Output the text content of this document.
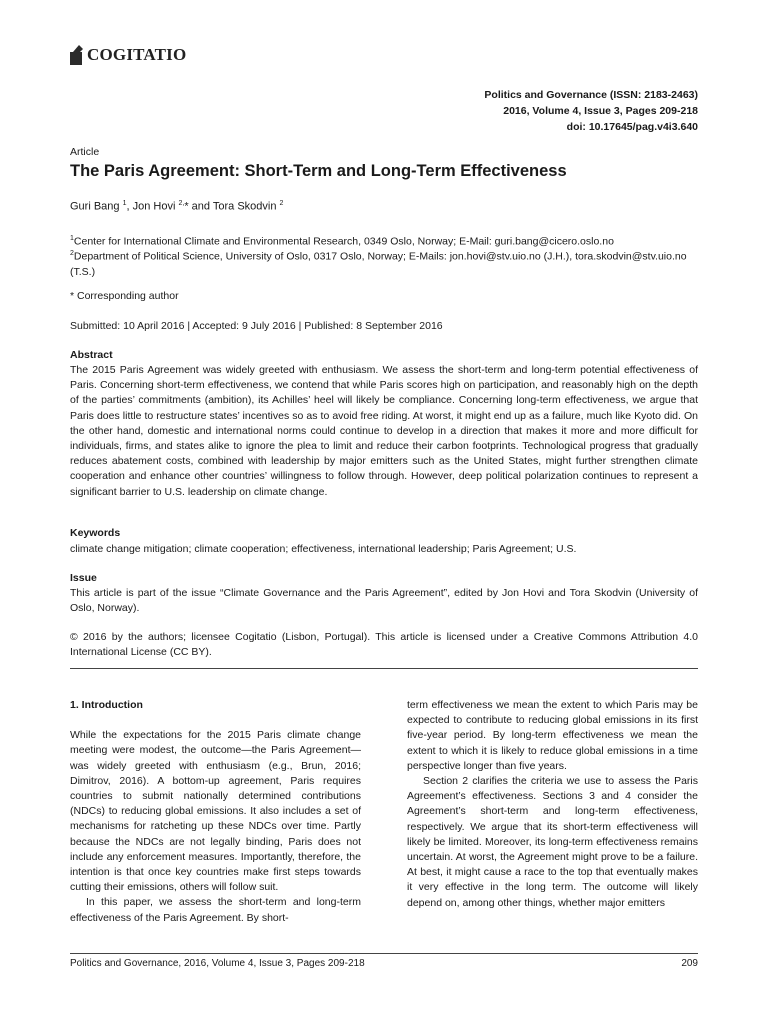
COGITATIO
Politics and Governance (ISSN: 2183-2463)
2016, Volume 4, Issue 3, Pages 209-218
doi: 10.17645/pag.v4i3.640
Article
The Paris Agreement: Short-Term and Long-Term Effectiveness
Guri Bang $^1$, Jon Hovi $^{2,}$* and Tora Skodvin $^2$
$^1$Center for International Climate and Environmental Research, 0349 Oslo, Norway; E-Mail: guri.bang@cicero.oslo.no
$^2$Department of Political Science, University of Oslo, 0317 Oslo, Norway; E-Mails: jon.hovi@stv.uio.no (J.H.), tora.skodvin@stv.uio.no (T.S.)
* Corresponding author
Submitted: 10 April 2016 | Accepted: 9 July 2016 | Published: 8 September 2016
Abstract
The 2015 Paris Agreement was widely greeted with enthusiasm. We assess the short-term and long-term potential effectiveness of Paris. Concerning short-term effectiveness, we contend that while Paris scores high on participation, and reasonably high on the depth of the parties’ commitments (ambition), its Achilles’ heel will likely be compliance. Concerning long-term effectiveness, we argue that Paris does little to restructure states’ incentives so as to avoid free riding. At worst, it might end up as a failure, much like Kyoto did. On the other hand, domestic and international norms could continue to develop in a direction that makes it more and more difficult for individuals, firms, and states alike to ignore the plea to limit and reduce their carbon footprints. Technological progress that gradually reduces abatement costs, combined with leadership by major emitters such as the United States, might further strengthen climate cooperation and enhance other countries’ willingness to follow through. However, deep political polarization continues to represent a significant barrier to U.S. leadership on climate change.
Keywords
climate change mitigation; climate cooperation; effectiveness, international leadership; Paris Agreement; U.S.
Issue
This article is part of the issue “Climate Governance and the Paris Agreement”, edited by Jon Hovi and Tora Skodvin (University of Oslo, Norway).
© 2016 by the authors; licensee Cogitatio (Lisbon, Portugal). This article is licensed under a Creative Commons Attribution 4.0 International License (CC BY).

1. Introduction

While the expectations for the 2015 Paris climate change meeting were modest, the outcome—the Paris Agreement—was widely greeted with enthusiasm (e.g., Brun, 2016; Dimitrov, 2016). A bottom-up agreement, Paris requires countries to submit nationally determined contributions (NDCs) to reducing global emissions. It also includes a set of mechanisms for ratcheting up these NDCs over time. Partly because the NDCs are not legally binding, Paris does not include any enforcement measures. Importantly, therefore, the intention is that once key countries make first steps towards cutting their emissions, others will follow suit.

In this paper, we assess the short-term and long-term effectiveness of the Paris Agreement. By short-

term effectiveness we mean the extent to which Paris may be expected to contribute to reducing global emissions in its first five-year period. By long-term effectiveness we mean the extent to which it is likely to reduce global emissions in a time perspective longer than five years.

Section 2 clarifies the criteria we use to assess the Paris Agreement’s effectiveness. Sections 3 and 4 consider the Agreement’s short-term and long-term effectiveness, respectively. We argue that its short-term effectiveness will likely be limited. Moreover, its long-term effectiveness remains uncertain. At worst, the Agreement might prove to be a failure. At best, it might cause a race to the top that eventually makes it very effective in the long term. The outcome will likely depend on, among other things, whether major emitters

Politics and Governance, 2016, Volume 4, Issue 3, Pages 209-218	209
